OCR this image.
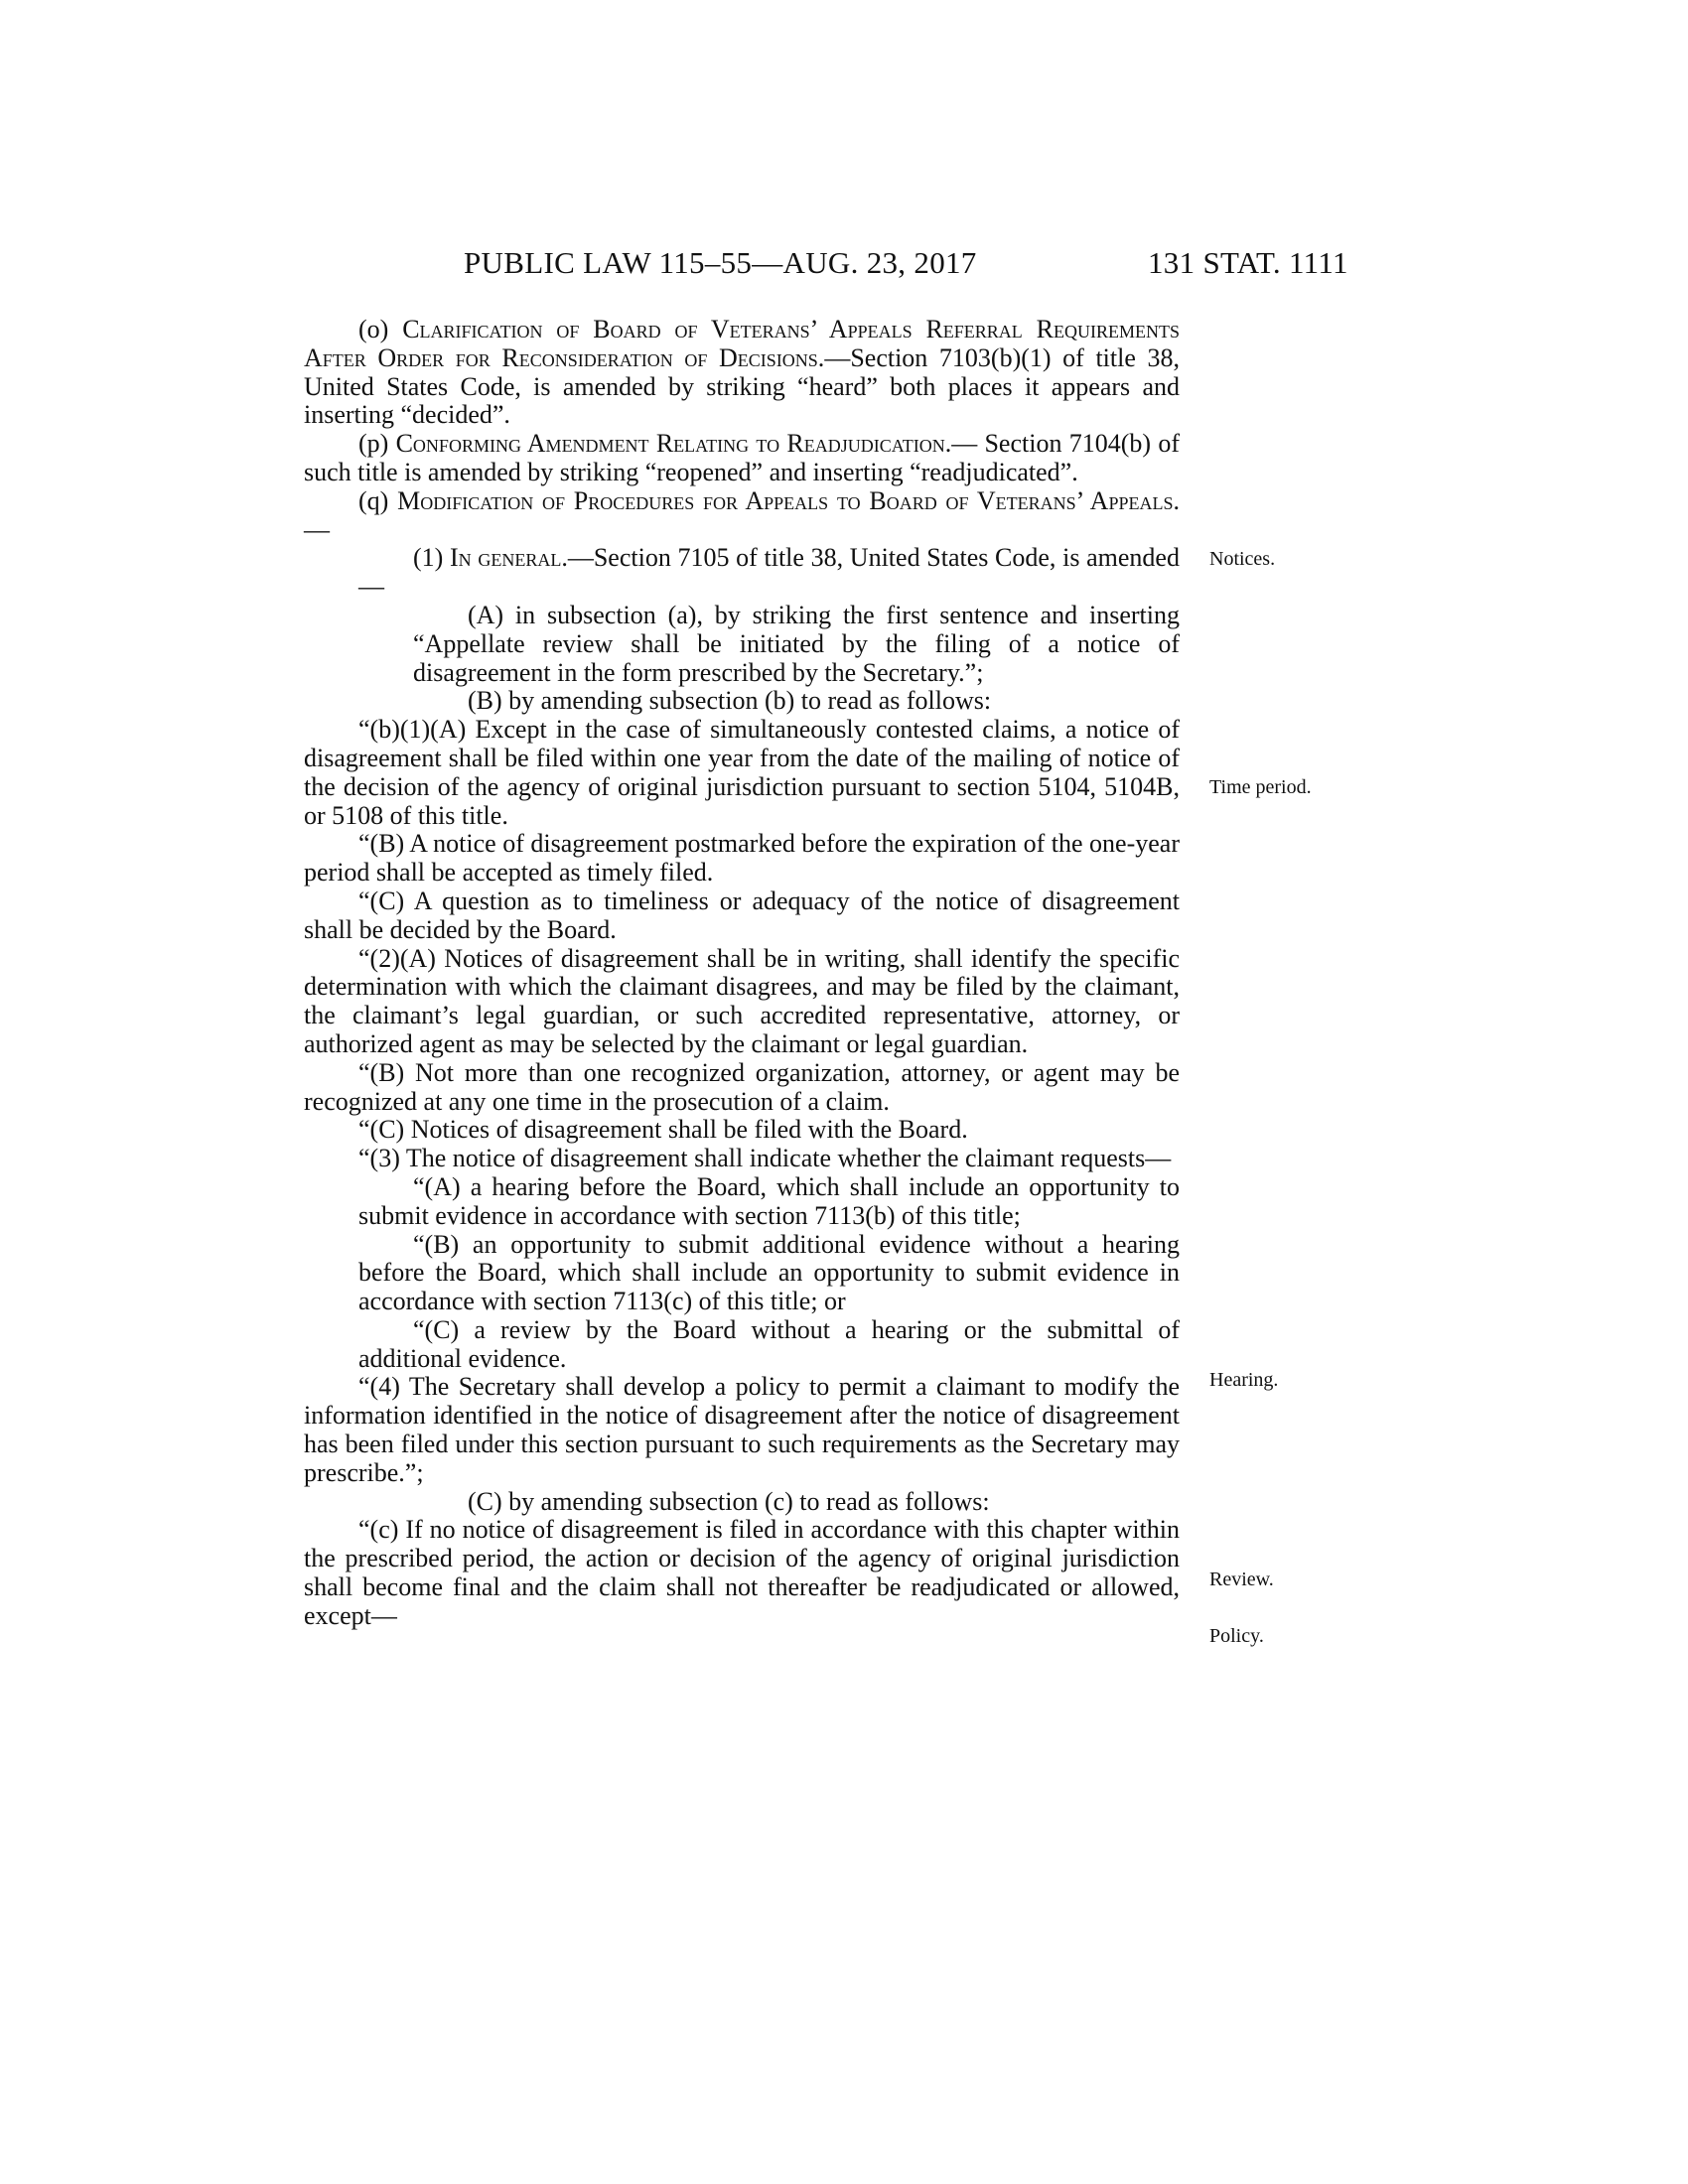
PUBLIC LAW 115–55—AUG. 23, 2017	131 STAT. 1111

(o) Clarification of Board of Veterans’ Appeals Referral Requirements After Order for Reconsideration of Decisions.—Section 7103(b)(1) of title 38, United States Code, is amended by striking “heard” both places it appears and inserting “decided”.

(p) Conforming Amendment Relating to Readjudication.— Section 7104(b) of such title is amended by striking “reopened” and inserting “readjudicated”.

(q) Modification of Procedures for Appeals to Board of Veterans’ Appeals.—

(1) In general.—Section 7105 of title 38, United States Code, is amended—

(A) in subsection (a), by striking the first sentence and inserting “Appellate review shall be initiated by the filing of a notice of disagreement in the form prescribed by the Secretary.”;

(B) by amending subsection (b) to read as follows:

“(b)(1)(A) Except in the case of simultaneously contested claims, a notice of disagreement shall be filed within one year from the date of the mailing of notice of the decision of the agency of original jurisdiction pursuant to section 5104, 5104B, or 5108 of this title.

“(B) A notice of disagreement postmarked before the expiration of the one-year period shall be accepted as timely filed.

“(C) A question as to timeliness or adequacy of the notice of disagreement shall be decided by the Board.

“(2)(A) Notices of disagreement shall be in writing, shall identify the specific determination with which the claimant disagrees, and may be filed by the claimant, the claimant’s legal guardian, or such accredited representative, attorney, or authorized agent as may be selected by the claimant or legal guardian.

“(B) Not more than one recognized organization, attorney, or agent may be recognized at any one time in the prosecution of a claim.

“(C) Notices of disagreement shall be filed with the Board.

“(3) The notice of disagreement shall indicate whether the claimant requests—

“(A) a hearing before the Board, which shall include an opportunity to submit evidence in accordance with section 7113(b) of this title;

“(B) an opportunity to submit additional evidence without a hearing before the Board, which shall include an opportunity to submit evidence in accordance with section 7113(c) of this title; or

“(C) a review by the Board without a hearing or the submittal of additional evidence.

“(4) The Secretary shall develop a policy to permit a claimant to modify the information identified in the notice of disagreement after the notice of disagreement has been filed under this section pursuant to such requirements as the Secretary may prescribe.”;

(C) by amending subsection (c) to read as follows:

“(c) If no notice of disagreement is filed in accordance with this chapter within the prescribed period, the action or decision of the agency of original jurisdiction shall become final and the claim shall not thereafter be readjudicated or allowed, except—

Notices.
Time period.
Hearing.
Review.
Policy.
